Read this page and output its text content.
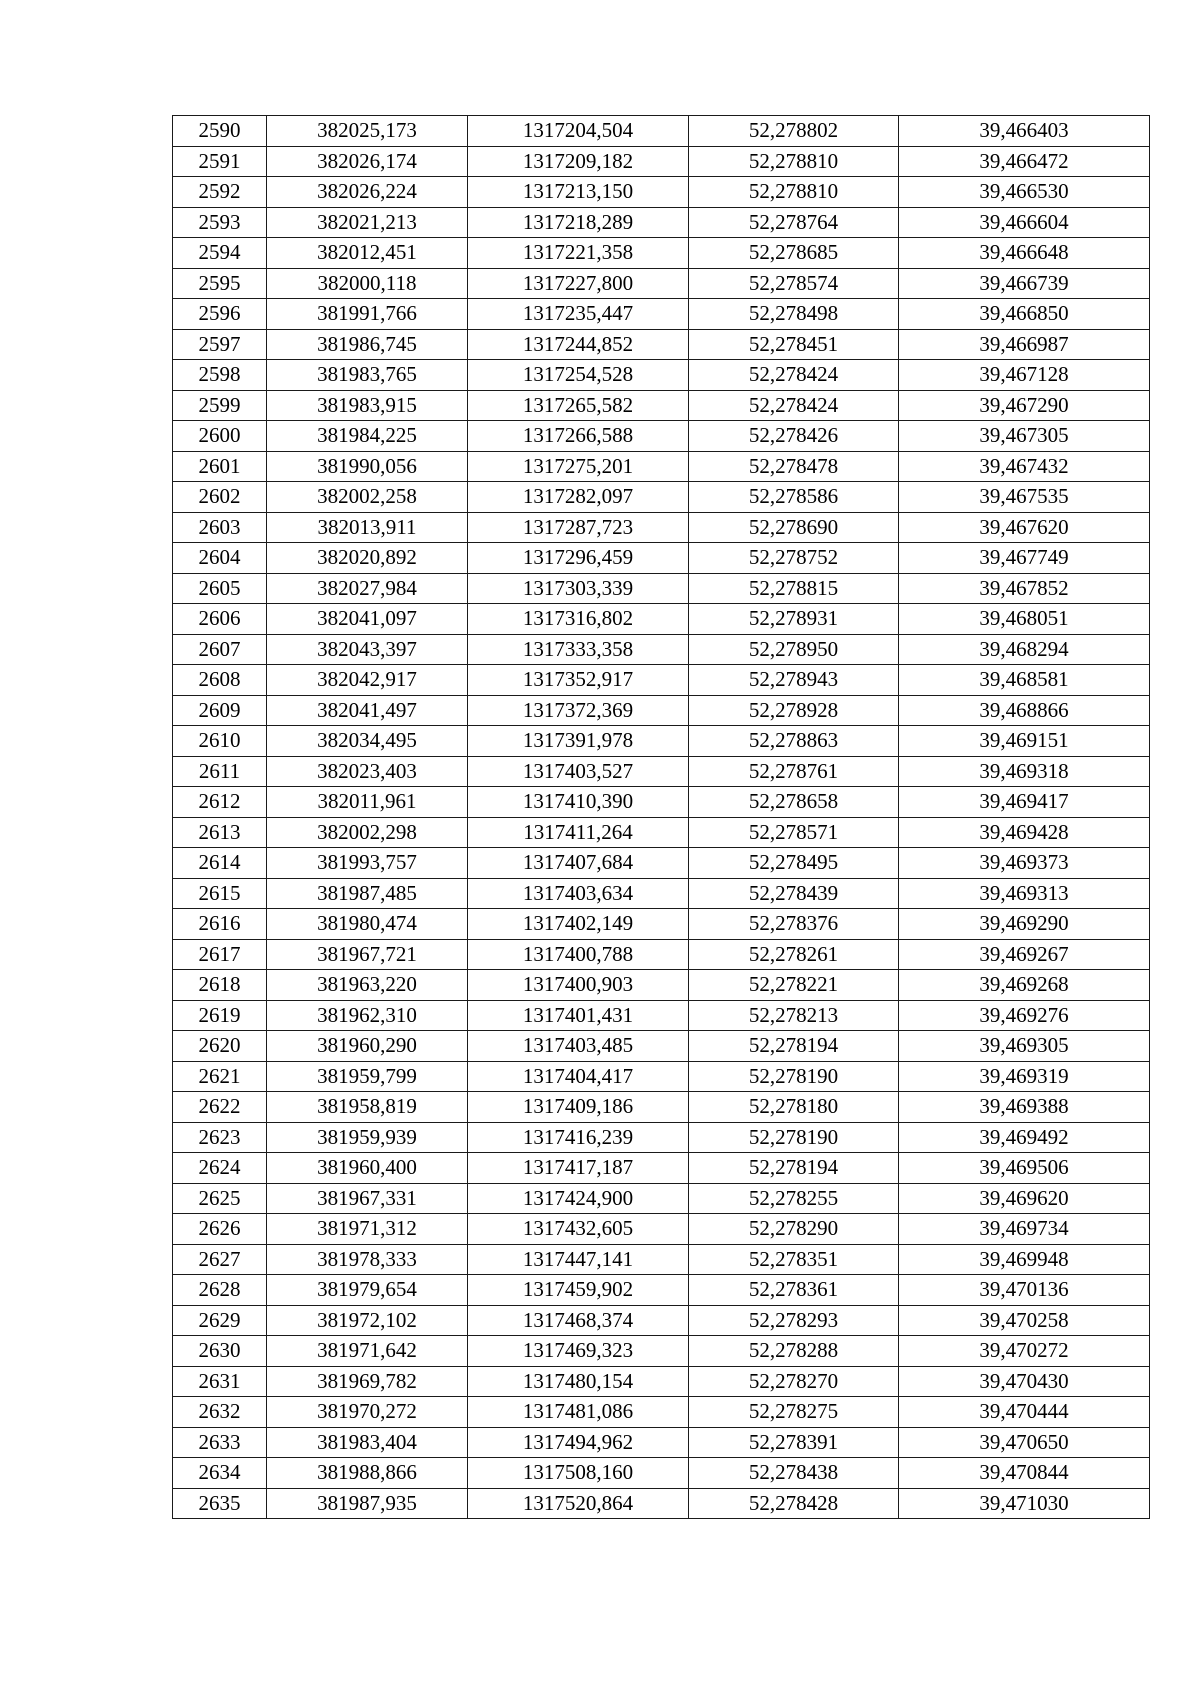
2590	382025,173	1317204,504	52,278802	39,466403
2591	382026,174	1317209,182	52,278810	39,466472
2592	382026,224	1317213,150	52,278810	39,466530
2593	382021,213	1317218,289	52,278764	39,466604
2594	382012,451	1317221,358	52,278685	39,466648
2595	382000,118	1317227,800	52,278574	39,466739
2596	381991,766	1317235,447	52,278498	39,466850
2597	381986,745	1317244,852	52,278451	39,466987
2598	381983,765	1317254,528	52,278424	39,467128
2599	381983,915	1317265,582	52,278424	39,467290
2600	381984,225	1317266,588	52,278426	39,467305
2601	381990,056	1317275,201	52,278478	39,467432
2602	382002,258	1317282,097	52,278586	39,467535
2603	382013,911	1317287,723	52,278690	39,467620
2604	382020,892	1317296,459	52,278752	39,467749
2605	382027,984	1317303,339	52,278815	39,467852
2606	382041,097	1317316,802	52,278931	39,468051
2607	382043,397	1317333,358	52,278950	39,468294
2608	382042,917	1317352,917	52,278943	39,468581
2609	382041,497	1317372,369	52,278928	39,468866
2610	382034,495	1317391,978	52,278863	39,469151
2611	382023,403	1317403,527	52,278761	39,469318
2612	382011,961	1317410,390	52,278658	39,469417
2613	382002,298	1317411,264	52,278571	39,469428
2614	381993,757	1317407,684	52,278495	39,469373
2615	381987,485	1317403,634	52,278439	39,469313
2616	381980,474	1317402,149	52,278376	39,469290
2617	381967,721	1317400,788	52,278261	39,469267
2618	381963,220	1317400,903	52,278221	39,469268
2619	381962,310	1317401,431	52,278213	39,469276
2620	381960,290	1317403,485	52,278194	39,469305
2621	381959,799	1317404,417	52,278190	39,469319
2622	381958,819	1317409,186	52,278180	39,469388
2623	381959,939	1317416,239	52,278190	39,469492
2624	381960,400	1317417,187	52,278194	39,469506
2625	381967,331	1317424,900	52,278255	39,469620
2626	381971,312	1317432,605	52,278290	39,469734
2627	381978,333	1317447,141	52,278351	39,469948
2628	381979,654	1317459,902	52,278361	39,470136
2629	381972,102	1317468,374	52,278293	39,470258
2630	381971,642	1317469,323	52,278288	39,470272
2631	381969,782	1317480,154	52,278270	39,470430
2632	381970,272	1317481,086	52,278275	39,470444
2633	381983,404	1317494,962	52,278391	39,470650
2634	381988,866	1317508,160	52,278438	39,470844
2635	381987,935	1317520,864	52,278428	39,471030
